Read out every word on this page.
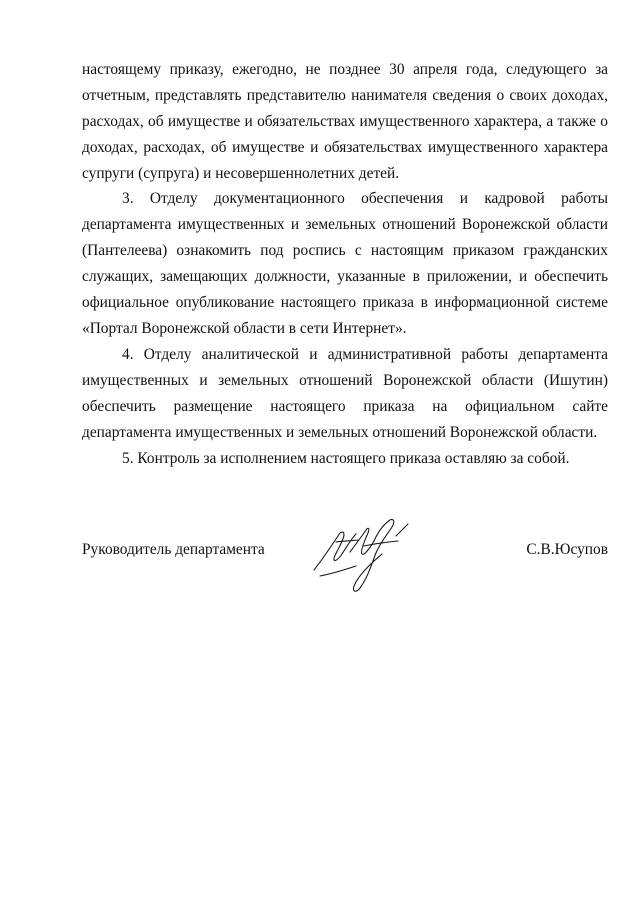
настоящему приказу, ежегодно, не позднее 30 апреля года, следующего за
отчетным, представлять представителю нанимателя сведения о своих доходах,
расходах, об имуществе и обязательствах имущественного характера, а также о
доходах, расходах, об имуществе и обязательствах имущественного характера
супруги (супруга) и несовершеннолетних детей.
3. Отделу документационного обеспечения и кадровой работы
департамента имущественных и земельных отношений Воронежской области
(Пантелеева) ознакомить под роспись с настоящим приказом гражданских
служащих, замещающих должности, указанные в приложении, и обеспечить
официальное опубликование настоящего приказа в информационной системе
«Портал Воронежской области в сети Интернет».
4. Отделу аналитической и административной работы департамента
имущественных и земельных отношений Воронежской области (Ишутин)
обеспечить размещение настоящего приказа на официальном сайте
департамента имущественных и земельных отношений Воронежской области.
5. Контроль за исполнением настоящего приказа оставляю за собой.
Руководитель департамента	С.В.Юсупов
